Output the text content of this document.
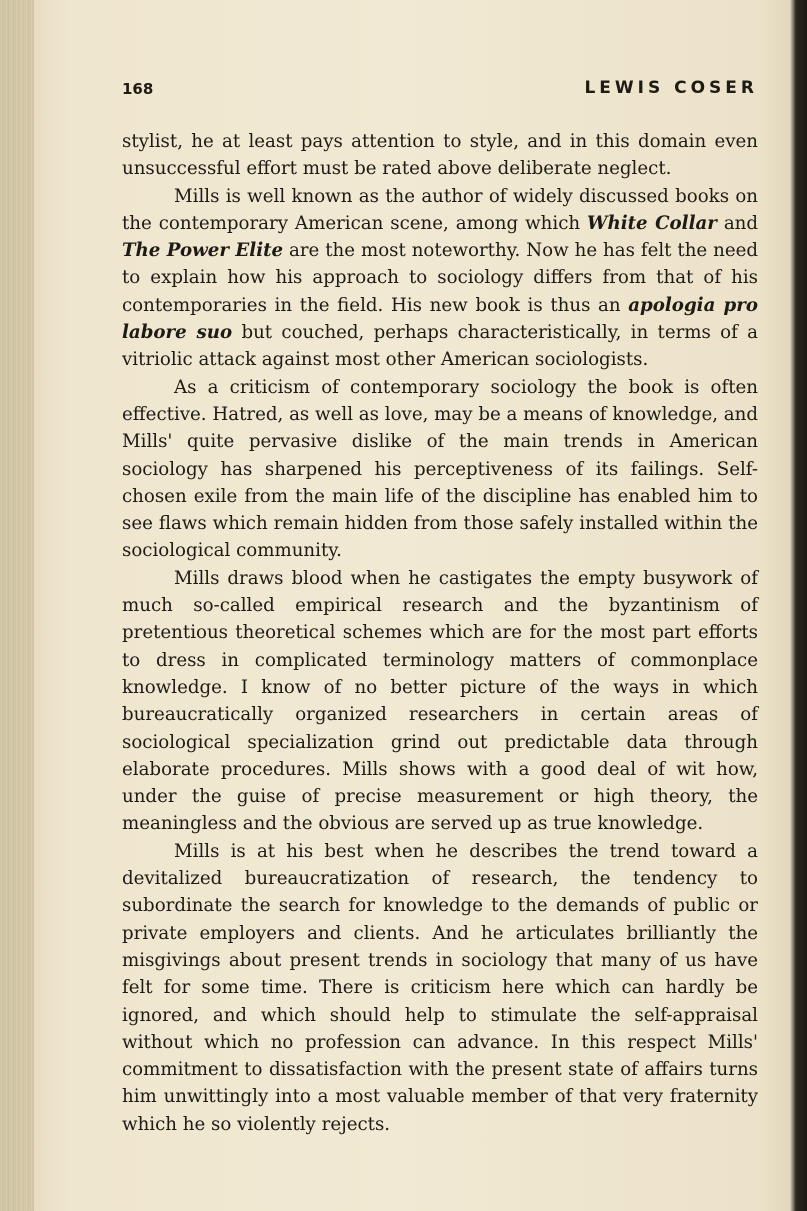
168	LEWIS COSER

stylist, he at least pays attention to style, and in this domain even unsuccessful effort must be rated above deliberate neglect.

Mills is well known as the author of widely discussed books on the contemporary American scene, among which White Collar and The Power Elite are the most noteworthy. Now he has felt the need to explain how his approach to sociology differs from that of his contemporaries in the field. His new book is thus an apologia pro labore suo but couched, perhaps characteristically, in terms of a vitriolic attack against most other American sociologists.

As a criticism of contemporary sociology the book is often effective. Hatred, as well as love, may be a means of knowledge, and Mills' quite pervasive dislike of the main trends in American sociology has sharpened his perceptiveness of its failings. Self-chosen exile from the main life of the discipline has enabled him to see flaws which remain hidden from those safely installed within the sociological community.

Mills draws blood when he castigates the empty busywork of much so-called empirical research and the byzantinism of pretentious theoretical schemes which are for the most part efforts to dress in complicated terminology matters of commonplace knowledge. I know of no better picture of the ways in which bureaucratically organized researchers in certain areas of sociological specialization grind out predictable data through elaborate procedures. Mills shows with a good deal of wit how, under the guise of precise measurement or high theory, the meaningless and the obvious are served up as true knowledge.

Mills is at his best when he describes the trend toward a devitalized bureaucratization of research, the tendency to subordinate the search for knowledge to the demands of public or private employers and clients. And he articulates brilliantly the misgivings about present trends in sociology that many of us have felt for some time. There is criticism here which can hardly be ignored, and which should help to stimulate the self-appraisal without which no profession can advance. In this respect Mills' commitment to dissatisfaction with the present state of affairs turns him unwittingly into a most valuable member of that very fraternity which he so violently rejects.
